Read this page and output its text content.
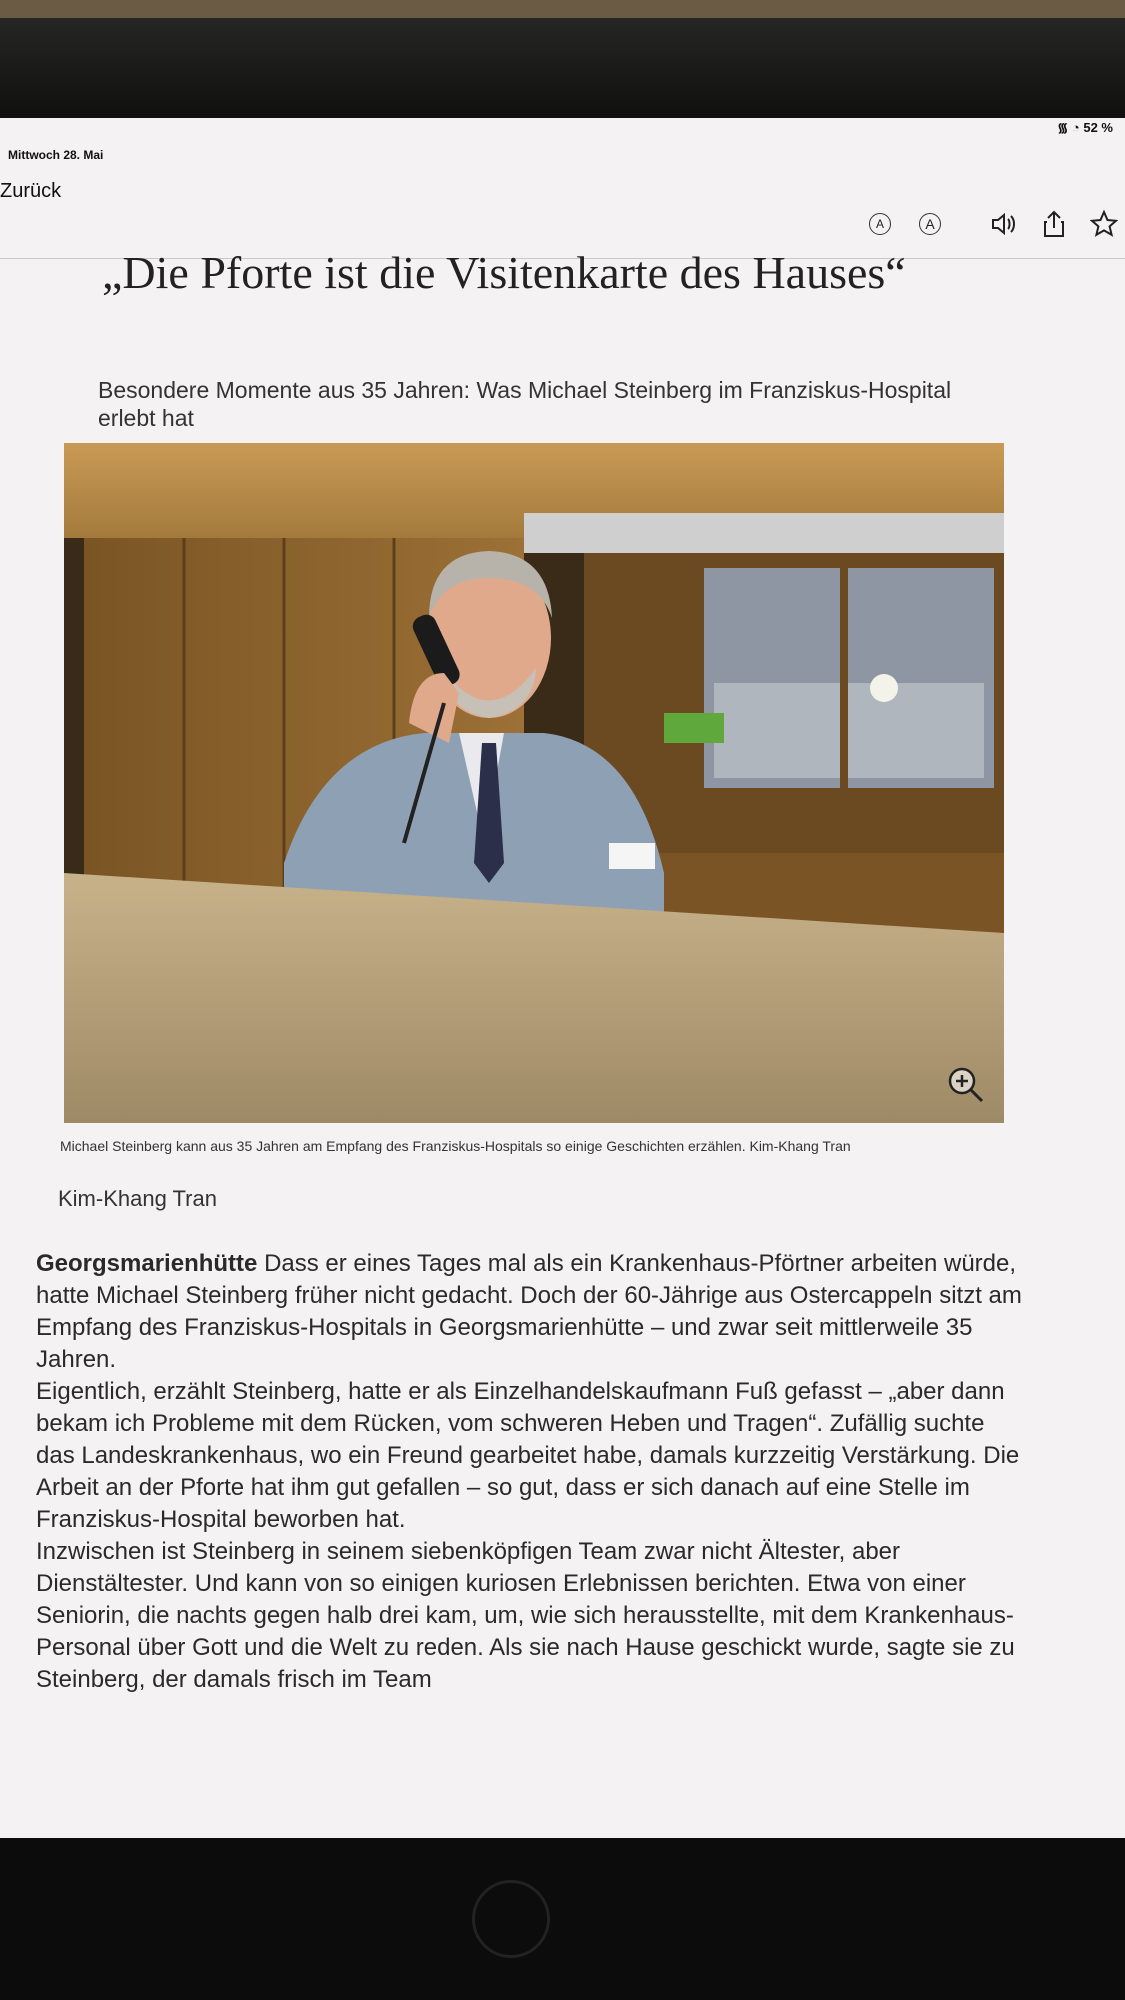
Mittwoch 28. Mai
᯾ ◔ 52 %
Zurück
A	A
„Die Pforte ist die Visitenkarte des Hauses“
Besondere Momente aus 35 Jahren: Was Michael Steinberg im Franziskus-Hospital erlebt hat
Michael Steinberg kann aus 35 Jahren am Empfang des Franziskus-Hospitals so einige Geschichten erzählen. Kim-Khang Tran
Kim-Khang Tran

Georgsmarienhütte Dass er eines Tages mal als ein Krankenhaus-Pförtner arbeiten würde, hatte Michael Steinberg früher nicht gedacht. Doch der 60-Jährige aus Ostercappeln sitzt am Empfang des Franziskus-Hospitals in Georgsmarienhütte – und zwar seit mittlerweile 35 Jahren.

Eigentlich, erzählt Steinberg, hatte er als Einzelhandelskaufmann Fuß gefasst – „aber dann bekam ich Probleme mit dem Rücken, vom schweren Heben und Tragen“. Zufällig suchte das Landeskrankenhaus, wo ein Freund gearbeitet habe, damals kurzzeitig Verstärkung. Die Arbeit an der Pforte hat ihm gut gefallen – so gut, dass er sich danach auf eine Stelle im Franziskus-Hospital beworben hat.

Inzwischen ist Steinberg in seinem siebenköpfigen Team zwar nicht Ältester, aber Dienstältester. Und kann von so einigen kuriosen Erlebnissen berichten. Etwa von einer Seniorin, die nachts gegen halb drei kam, um, wie sich herausstellte, mit dem Krankenhaus-Personal über Gott und die Welt zu reden. Als sie nach Hause geschickt wurde, sagte sie zu Steinberg, der damals frisch im Team
